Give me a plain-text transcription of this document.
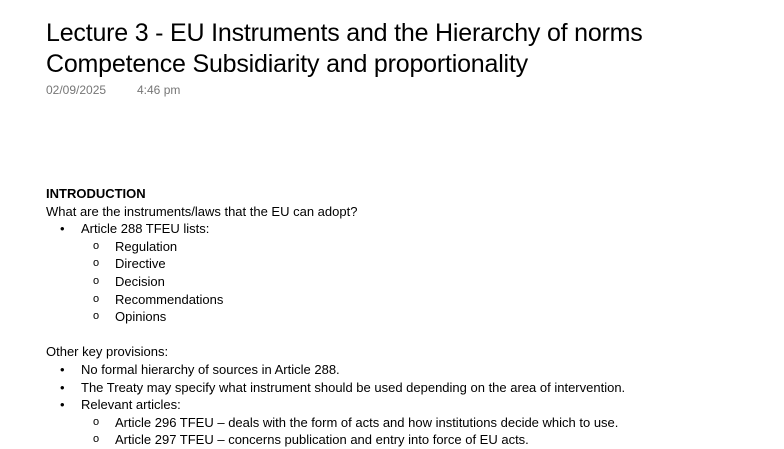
Lecture 3 - EU Instruments and the Hierarchy of norms
Competence Subsidiarity and proportionality
02/09/2025	4:46 pm
INTRODUCTION
What are the instruments/laws that the EU can adopt?
•	Article 288 TFEU lists:
o	Regulation
o	Directive
o	Decision
o	Recommendations
o	Opinions
Other key provisions:
•	No formal hierarchy of sources in Article 288.
•	The Treaty may specify what instrument should be used depending on the area of intervention.
•	Relevant articles:
o	Article 296 TFEU – deals with the form of acts and how institutions decide which to use.
o	Article 297 TFEU – concerns publication and entry into force of EU acts.
